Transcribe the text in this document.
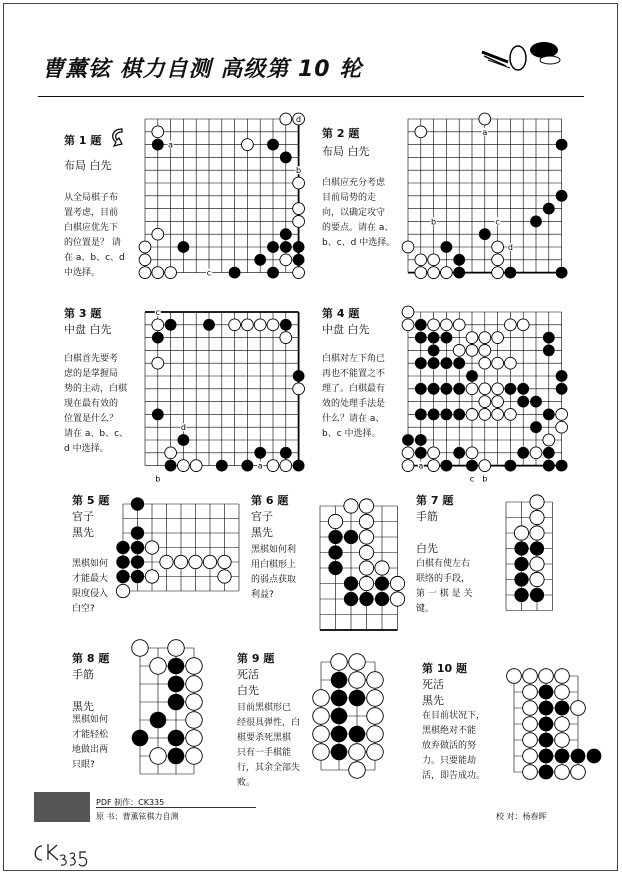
曹薰铉 棋力自测 高级第 10 轮
第 1 题
布局 白先
从全局棋子布
置考虑，目前
白棋应优先下
的位置是？ 请
在 a、b、c、d
中选择。
a
b
c
d
第 2 题
布局 白先
白棋应充分考虑
目前局势的走
向，以确定攻守
的要点。请在 a、
b、c、d 中选择。
a
b	c
d
第 3 题
中盘 白先
白棋首先要考
虑的是掌握局
势的主动，白棋
现在最有效的
位置是什么？
请在 a、b、c、
d 中选择。
a
b
c
d
第 4 题
中盘 白先
白棋对左下角已
再也不能置之不
理了。白棋最有
效的处理手法是
什么？请在 a、
b、c 中选择。
a
b
c
第 5 题
官子
黑先
黑棋如何
才能最大
限度侵入
白空?
第 6 题
官子
黑先
黑棋如何利
用白棋形上
的弱点获取
利益?
第 7 题
手筋
白先
白棋有使左右
联络的手段，
第 一 棋 是 关
键。
第 8 题
手筋
黑先
黑棋如何
才能轻松
地做出两
只眼?
第 9 题
死活
白先
目前黑棋形已
经很具弹性，白
棋要杀死黑棋
只有一手棋能
行，其余全部失
败。
第 10 题
死活
黑先
在目前状况下，
黑棋绝对不能
放弃做活的努
力。只要能劫
活，即告成功。
PDF 制作：CK335
原 书：曹薰铉棋力自测	校 对：杨春晖
